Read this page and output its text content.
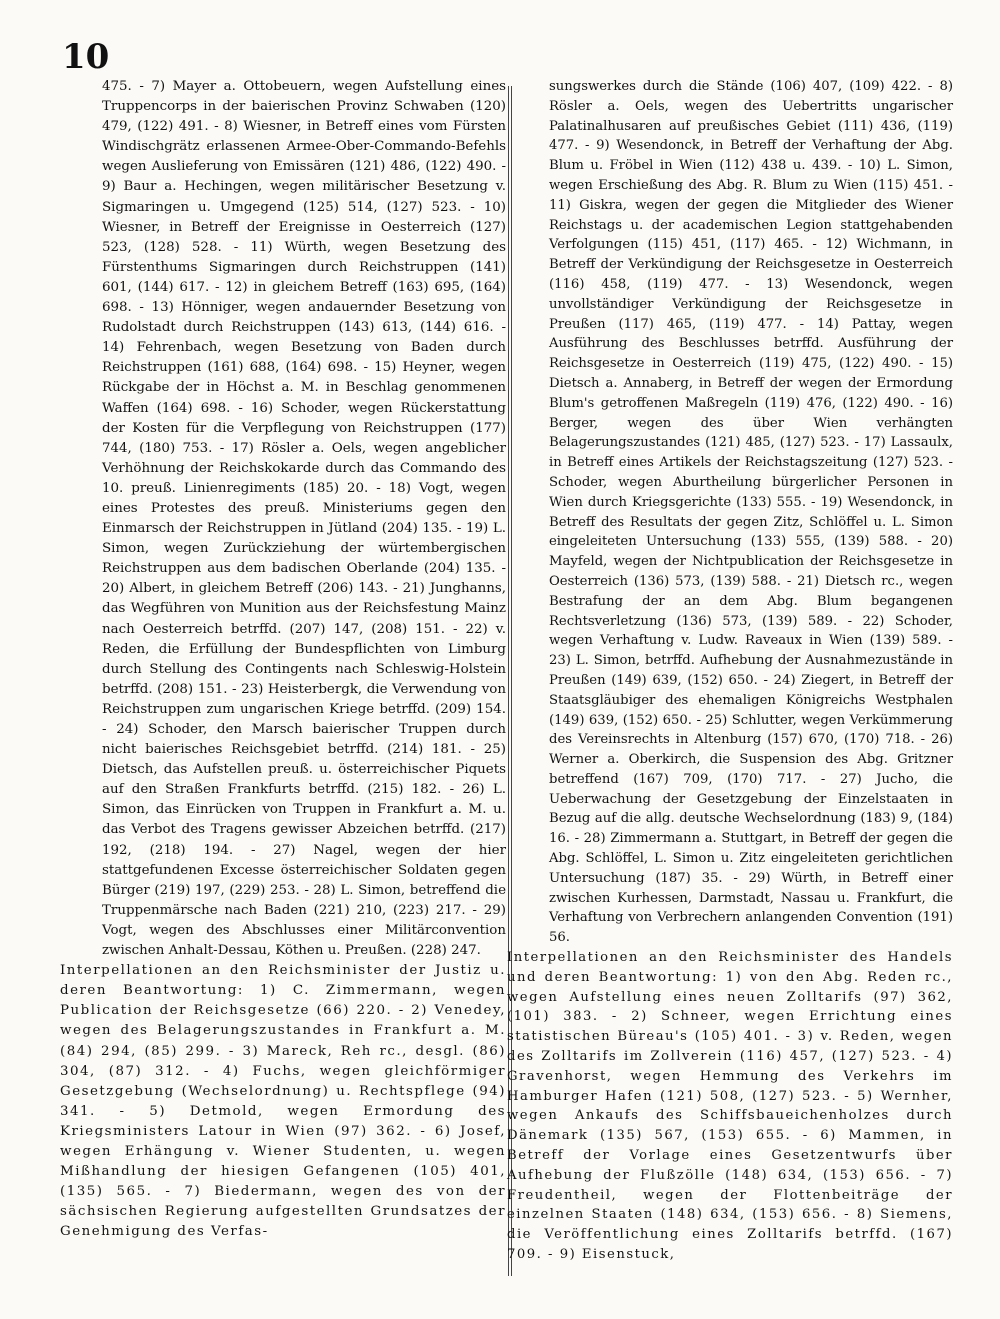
10

475. - 7) Mayer a. Ottobeuern, wegen Aufstellung eines Truppencorps in der baierischen Provinz Schwaben (120) 479, (122) 491. - 8) Wiesner, in Betreff eines vom Fürsten Windischgrätz erlassenen Armee-Ober-Commando-Befehls wegen Auslieferung von Emissären (121) 486, (122) 490. - 9) Baur a. Hechingen, wegen militärischer Besetzung v. Sigmaringen u. Umgegend (125) 514, (127) 523. - 10) Wiesner, in Betreff der Ereignisse in Oesterreich (127) 523, (128) 528. - 11) Würth, wegen Besetzung des Fürstenthums Sigmaringen durch Reichstruppen (141) 601, (144) 617. - 12) in gleichem Betreff (163) 695, (164) 698. - 13) Hönniger, wegen andauernder Besetzung von Rudolstadt durch Reichstruppen (143) 613, (144) 616. - 14) Fehrenbach, wegen Besetzung von Baden durch Reichstruppen (161) 688, (164) 698. - 15) Heyner, wegen Rückgabe der in Höchst a. M. in Beschlag genommenen Waffen (164) 698. - 16) Schoder, wegen Rückerstattung der Kosten für die Verpflegung von Reichstruppen (177) 744, (180) 753. - 17) Rösler a. Oels, wegen angeblicher Verhöhnung der Reichskokarde durch das Commando des 10. preuß. Linienregiments (185) 20. - 18) Vogt, wegen eines Protestes des preuß. Ministeriums gegen den Einmarsch der Reichstruppen in Jütland (204) 135. - 19) L. Simon, wegen Zurückziehung der würtembergischen Reichstruppen aus dem badischen Oberlande (204) 135. - 20) Albert, in gleichem Betreff (206) 143. - 21) Junghanns, das Wegführen von Munition aus der Reichsfestung Mainz nach Oesterreich betrffd. (207) 147, (208) 151. - 22) v. Reden, die Erfüllung der Bundespflichten von Limburg durch Stellung des Contingents nach Schleswig-Holstein betrffd. (208) 151. - 23) Heisterbergk, die Verwendung von Reichstruppen zum ungarischen Kriege betrffd. (209) 154. - 24) Schoder, den Marsch baierischer Truppen durch nicht baierisches Reichsgebiet betrffd. (214) 181. - 25) Dietsch, das Aufstellen preuß. u. österreichischer Piquets auf den Straßen Frankfurts betrffd. (215) 182. - 26) L. Simon, das Einrücken von Truppen in Frankfurt a. M. u. das Verbot des Tragens gewisser Abzeichen betrffd. (217) 192, (218) 194. - 27) Nagel, wegen der hier stattgefundenen Excesse österreichischer Soldaten gegen Bürger (219) 197, (229) 253. - 28) L. Simon, betreffend die Truppenmärsche nach Baden (221) 210, (223) 217. - 29) Vogt, wegen des Abschlusses einer Militärconvention zwischen Anhalt-Dessau, Köthen u. Preußen. (228) 247.

Interpellationen an den Reichsminister der Justiz u. deren Beantwortung: 1) C. Zimmermann, wegen Publication der Reichsgesetze (66) 220. - 2) Venedey, wegen des Belagerungszustandes in Frankfurt a. M. (84) 294, (85) 299. - 3) Mareck, Reh rc., desgl. (86) 304, (87) 312. - 4) Fuchs, wegen gleichförmiger Gesetzgebung (Wechselordnung) u. Rechtspflege (94) 341. - 5) Detmold, wegen Ermordung des Kriegsministers Latour in Wien (97) 362. - 6) Josef, wegen Erhängung v. Wiener Studenten, u. wegen Mißhandlung der hiesigen Gefangenen (105) 401, (135) 565. - 7) Biedermann, wegen des von der sächsischen Regierung aufgestellten Grundsatzes der Genehmigung des Verfas-

sungswerkes durch die Stände (106) 407, (109) 422. - 8) Rösler a. Oels, wegen des Uebertritts ungarischer Palatinalhusaren auf preußisches Gebiet (111) 436, (119) 477. - 9) Wesendonck, in Betreff der Verhaftung der Abg. Blum u. Fröbel in Wien (112) 438 u. 439. - 10) L. Simon, wegen Erschießung des Abg. R. Blum zu Wien (115) 451. - 11) Giskra, wegen der gegen die Mitglieder des Wiener Reichstags u. der academischen Legion stattgehabenden Verfolgungen (115) 451, (117) 465. - 12) Wichmann, in Betreff der Verkündigung der Reichsgesetze in Oesterreich (116) 458, (119) 477. - 13) Wesendonck, wegen unvollständiger Verkündigung der Reichsgesetze in Preußen (117) 465, (119) 477. - 14) Pattay, wegen Ausführung des Beschlusses betrffd. Ausführung der Reichsgesetze in Oesterreich (119) 475, (122) 490. - 15) Dietsch a. Annaberg, in Betreff der wegen der Ermordung Blum's getroffenen Maßregeln (119) 476, (122) 490. - 16) Berger, wegen des über Wien verhängten Belagerungszustandes (121) 485, (127) 523. - 17) Lassaulx, in Betreff eines Artikels der Reichstagszeitung (127) 523. - Schoder, wegen Aburtheilung bürgerlicher Personen in Wien durch Kriegsgerichte (133) 555. - 19) Wesendonck, in Betreff des Resultats der gegen Zitz, Schlöffel u. L. Simon eingeleiteten Untersuchung (133) 555, (139) 588. - 20) Mayfeld, wegen der Nichtpublication der Reichsgesetze in Oesterreich (136) 573, (139) 588. - 21) Dietsch rc., wegen Bestrafung der an dem Abg. Blum begangenen Rechtsverletzung (136) 573, (139) 589. - 22) Schoder, wegen Verhaftung v. Ludw. Raveaux in Wien (139) 589. - 23) L. Simon, betrffd. Aufhebung der Ausnahmezustände in Preußen (149) 639, (152) 650. - 24) Ziegert, in Betreff der Staatsgläubiger des ehemaligen Königreichs Westphalen (149) 639, (152) 650. - 25) Schlutter, wegen Verkümmerung des Vereinsrechts in Altenburg (157) 670, (170) 718. - 26) Werner a. Oberkirch, die Suspension des Abg. Gritzner betreffend (167) 709, (170) 717. - 27) Jucho, die Ueberwachung der Gesetzgebung der Einzelstaaten in Bezug auf die allg. deutsche Wechselordnung (183) 9, (184) 16. - 28) Zimmermann a. Stuttgart, in Betreff der gegen die Abg. Schlöffel, L. Simon u. Zitz eingeleiteten gerichtlichen Untersuchung (187) 35. - 29) Würth, in Betreff einer zwischen Kurhessen, Darmstadt, Nassau u. Frankfurt, die Verhaftung von Verbrechern anlangenden Convention (191) 56.

Interpellationen an den Reichsminister des Handels und deren Beantwortung: 1) von den Abg. Reden rc., wegen Aufstellung eines neuen Zolltarifs (97) 362, (101) 383. - 2) Schneer, wegen Errichtung eines statistischen Büreau's (105) 401. - 3) v. Reden, wegen des Zolltarifs im Zollverein (116) 457, (127) 523. - 4) Gravenhorst, wegen Hemmung des Verkehrs im Hamburger Hafen (121) 508, (127) 523. - 5) Wernher, wegen Ankaufs des Schiffsbaueichenholzes durch Dänemark (135) 567, (153) 655. - 6) Mammen, in Betreff der Vorlage eines Gesetzentwurfs über Aufhebung der Flußzölle (148) 634, (153) 656. - 7) Freudentheil, wegen der Flottenbeiträge der einzelnen Staaten (148) 634, (153) 656. - 8) Siemens, die Veröffentlichung eines Zolltarifs betrffd. (167) 709. - 9) Eisenstuck,
